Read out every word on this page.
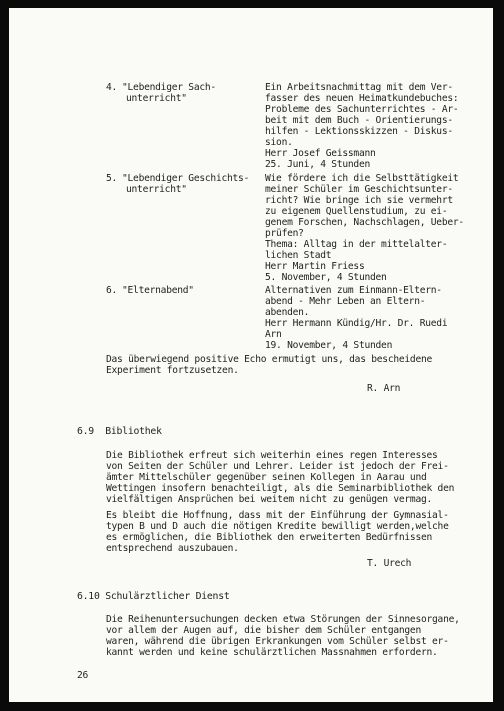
4. "Lebendiger Sach-
unterricht"
Ein Arbeitsnachmittag mit dem Ver-
fasser des neuen Heimatkundebuches:
Probleme des Sachunterrichtes - Ar-
beit mit dem Buch - Orientierungs-
hilfen - Lektionsskizzen - Diskus-
sion.
Herr Josef Geissmann
25. Juni, 4 Stunden
5. "Lebendiger Geschichts-
unterricht"
Wie fördere ich die Selbsttätigkeit
meiner Schüler im Geschichtsunter-
richt? Wie bringe ich sie vermehrt
zu eigenem Quellenstudium, zu ei-
genem Forschen, Nachschlagen, Ueber-
prüfen?
Thema: Alltag in der mittelalter-
lichen Stadt
Herr Martin Friess
5. November, 4 Stunden
6. "Elternabend"	Alternativen zum Einmann-Eltern-
abend - Mehr Leben an Eltern-
abenden.
Herr Hermann Kündig/Hr. Dr. Ruedi
Arn
19. November, 4 Stunden
Das überwiegend positive Echo ermutigt uns, das bescheidene
Experiment fortzusetzen.
R. Arn
6.9  Bibliothek
Die Bibliothek erfreut sich weiterhin eines regen Interesses
von Seiten der Schüler und Lehrer. Leider ist jedoch der Frei-
ämter Mittelschüler gegenüber seinen Kollegen in Aarau und
Wettingen insofern benachteiligt, als die Seminarbibliothek den
vielfältigen Ansprüchen bei weitem nicht zu genügen vermag.
Es bleibt die Hoffnung, dass mit der Einführung der Gymnasial-
typen B und D auch die nötigen Kredite bewilligt werden,welche
es ermöglichen, die Bibliothek den erweiterten Bedürfnissen
entsprechend auszubauen.
T. Urech
6.10 Schulärztlicher Dienst
Die Reihenuntersuchungen decken etwa Störungen der Sinnesorgane,
vor allem der Augen auf, die bisher dem Schüler entgangen
waren, während die übrigen Erkrankungen vom Schüler selbst er-
kannt werden und keine schulärztlichen Massnahmen erfordern.
26
